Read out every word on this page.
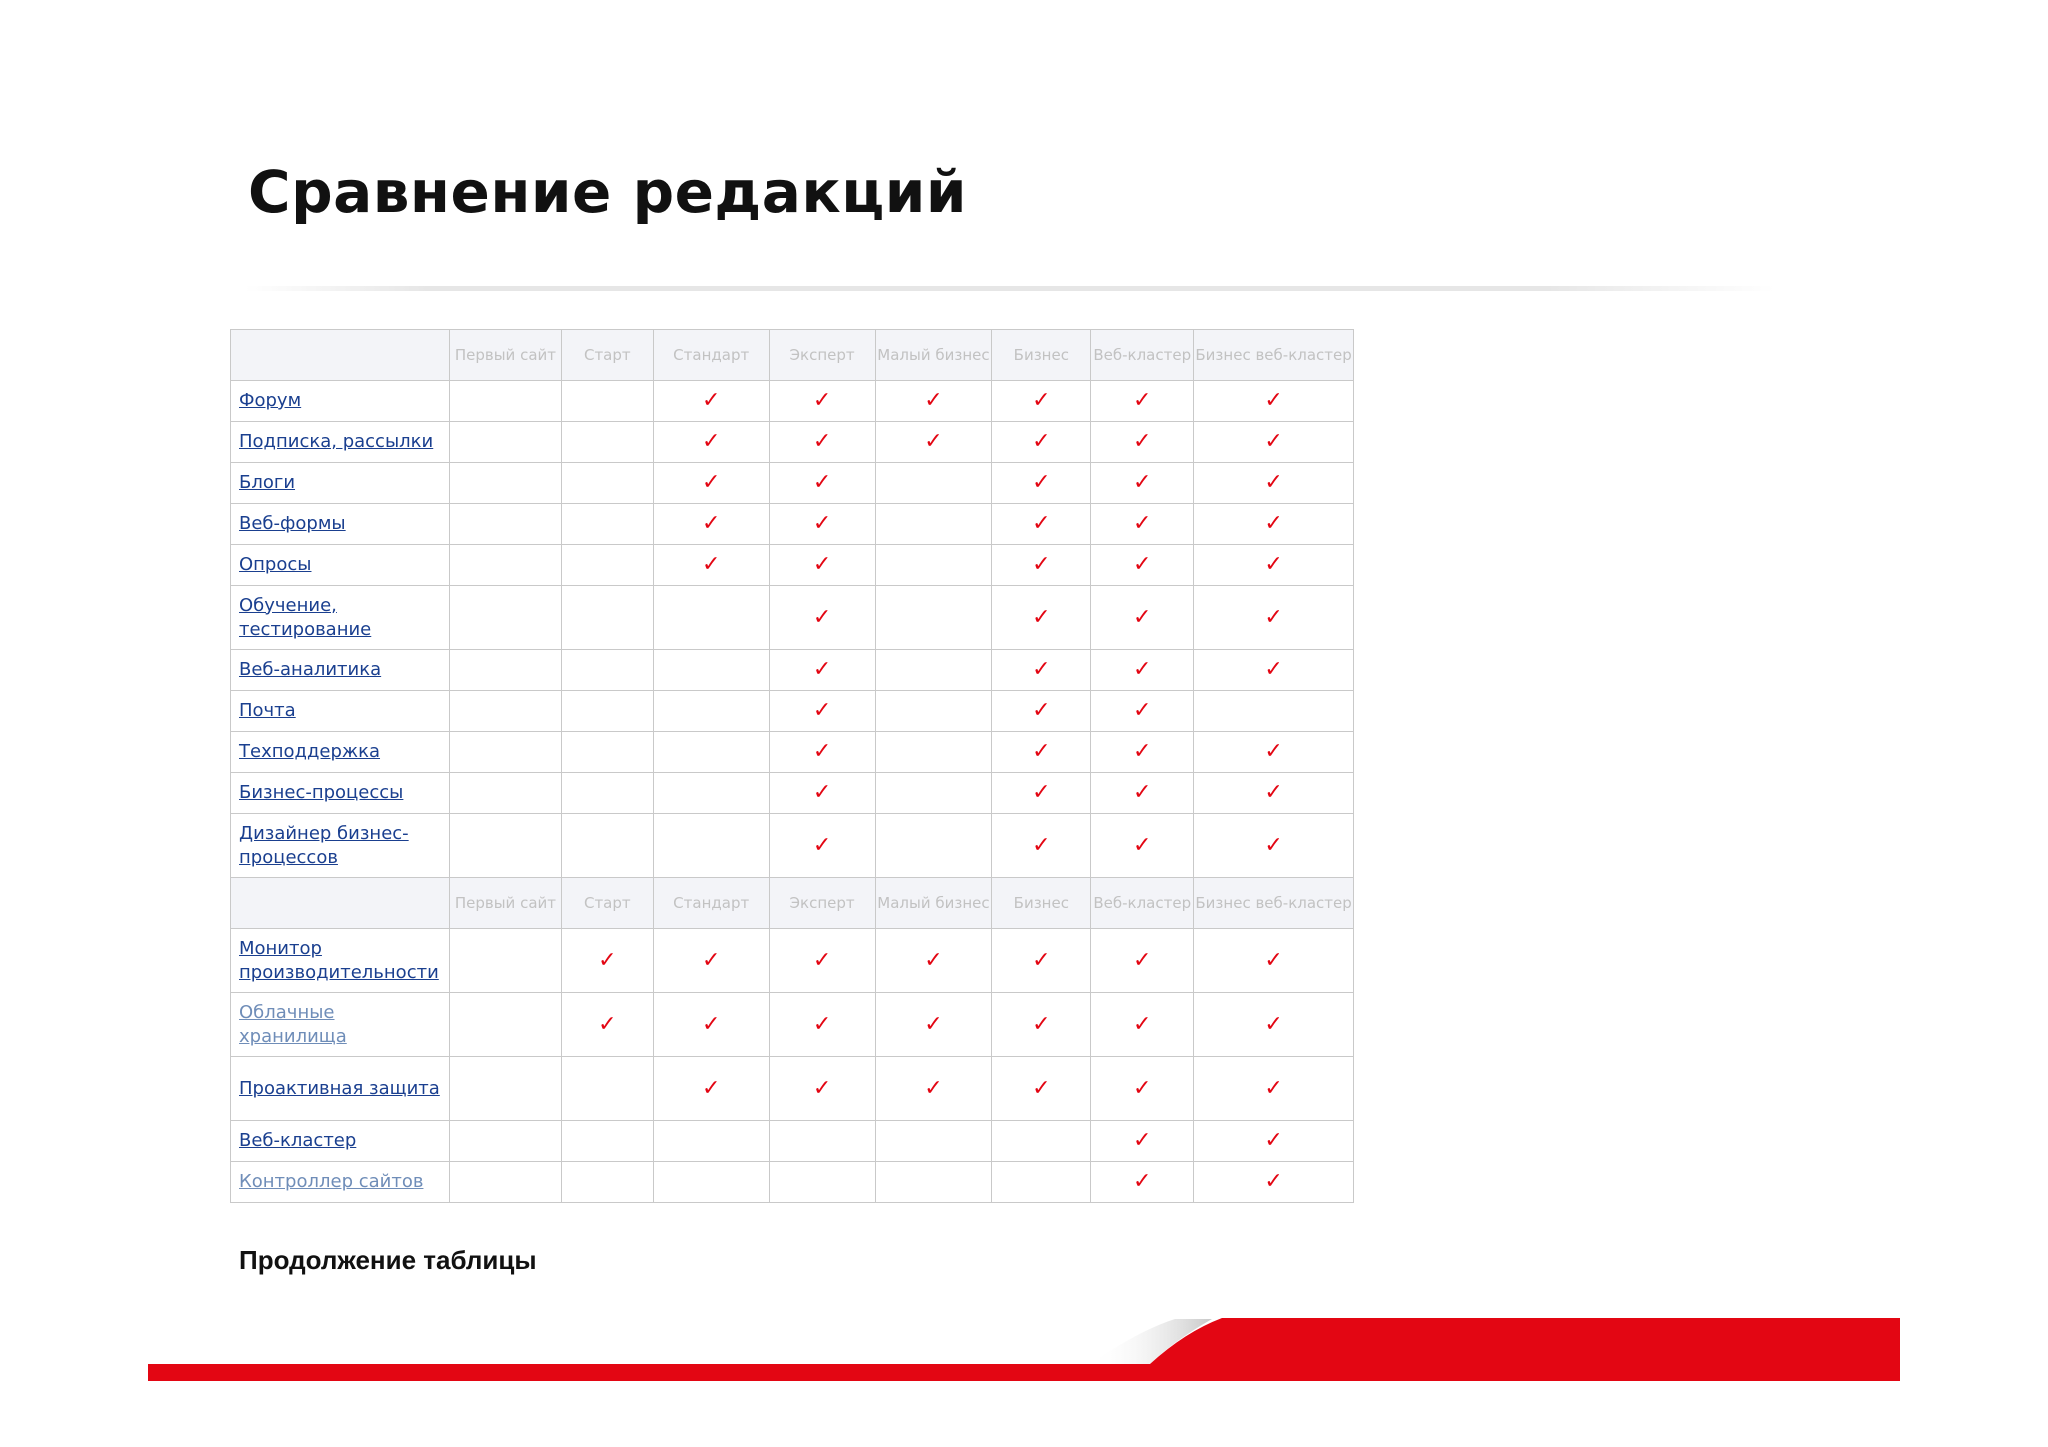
Сравнение редакций
	Первый сайт	Старт	Стандарт	Эксперт	Малый бизнес	Бизнес	Веб-кластер	Бизнес веб-кластер
Форум			✓	✓	✓	✓	✓	✓
Подписка, рассылки			✓	✓	✓	✓	✓	✓
Блоги			✓	✓		✓	✓	✓
Веб-формы			✓	✓		✓	✓	✓
Опросы			✓	✓		✓	✓	✓
Обучение, тестирование				✓		✓	✓	✓
Веб-аналитика				✓		✓	✓	✓
Почта				✓		✓	✓	
Техподдержка				✓		✓	✓	✓
Бизнес-процессы				✓		✓	✓	✓
Дизайнер бизнес-процессов				✓		✓	✓	✓
	Первый сайт	Старт	Стандарт	Эксперт	Малый бизнес	Бизнес	Веб-кластер	Бизнес веб-кластер
Монитор производительности		✓	✓	✓	✓	✓	✓	✓
Облачные хранилища		✓	✓	✓	✓	✓	✓	✓
Проактивная защита			✓	✓	✓	✓	✓	✓
Веб-кластер							✓	✓
Контроллер сайтов							✓	✓

Продолжение таблицы
